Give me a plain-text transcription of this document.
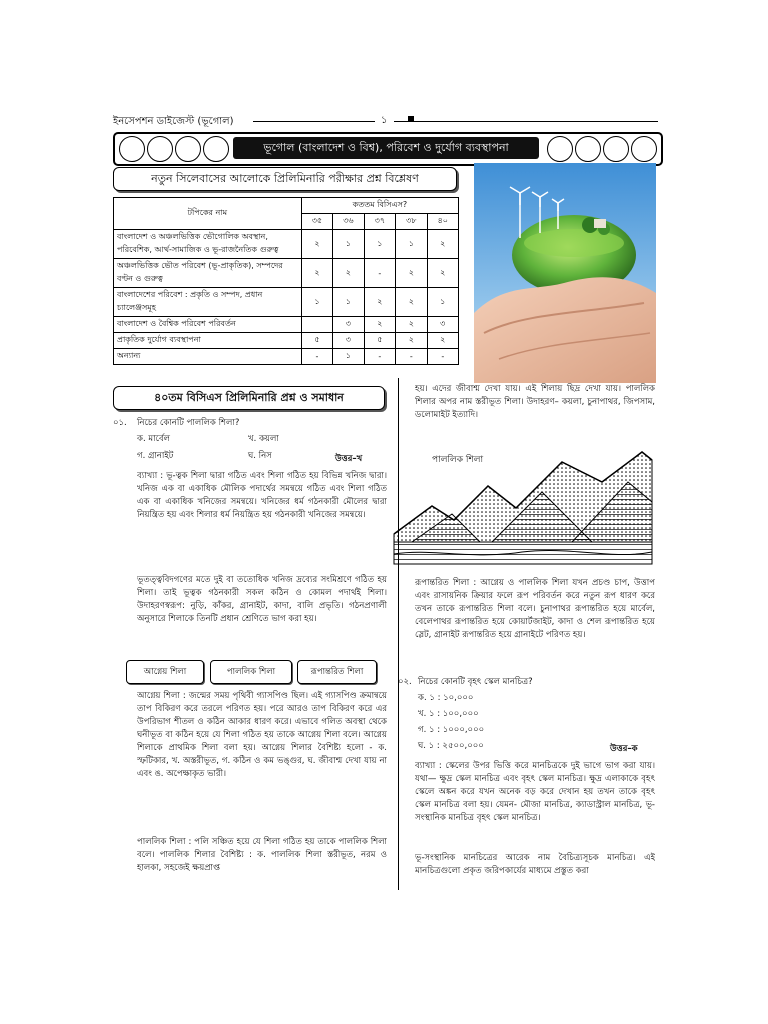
ইনসেপশন ডাইজেস্ট (ভূগোল)	১
ভূগোল (বাংলাদেশ ও বিশ্ব), পরিবেশ ও দুর্যোগ ব্যবস্থাপনা
নতুন সিলেবাসের আলোকে প্রিলিমিনারি পরীক্ষার প্রশ্ন বিশ্লেষণ
টপিকের নাম	কততম বিসিএস?				
	৩৫	৩৬	৩৭	৩৮	৪০
বাংলাদেশ ও অঞ্চলভিত্তিক ভৌগোলিক অবস্থান, পরিবেশিক, আর্থ-সামাজিক ও ভূ-রাজনৈতিক গুরুত্ব	২	১	১	১	২
অঞ্চলভিত্তিক ভৌত পরিবেশ (ভূ-প্রাকৃতিক), সম্পদের বণ্টন ও গুরুত্ব	২	২	-	২	২
বাংলাদেশের পরিবেশ : প্রকৃতি ও সম্পদ, প্রধান চ্যালেঞ্জসমূহ	১	১	২	২	১
বাংলাদেশ ও বৈশ্বিক পরিবেশ পরিবর্তন		৩	২	২	৩
প্রাকৃতিক দুর্যোগ ব্যবস্থাপনা	৫	৩	৫	২	২
অন্যান্য	-	১	-	-	-
৪০তম বিসিএস প্রিলিমিনারি প্রশ্ন ও সমাধান
০১. নিচের কোনটি পাললিক শিলা?
ক. মার্বেল	খ. কয়লা
গ. গ্রানাইট	ঘ. নিস	উত্তর–খ
ব্যাখ্যা : ভূ-ত্বক শিলা দ্বারা গঠিত এবং শিলা গঠিত হয় বিভিন্ন খনিজ দ্বারা। খনিজ এক বা একাধিক মৌলিক পদার্থের সমন্বয়ে গঠিত এবং শিলা গঠিত এক বা একাধিক খনিজের সমন্বয়ে। খনিজের ধর্ম গঠনকারী মৌলের দ্বারা নিয়ন্ত্রিত হয় এবং শিলার ধর্ম নিয়ন্ত্রিত হয় গঠনকারী খনিজের সমন্বয়ে।
ভূতত্ত্ববিদগণের মতে দুই বা ততোধিক খনিজ দ্রব্যের সংমিশ্রণে গঠিত হয় শিলা। তাই ভূত্বক গঠনকারী সকল কঠিন ও কোমল পদার্থই শিলা। উদাহরণস্বরূপ: নুড়ি, কাঁকর, গ্রানাইট, কাদা, বালি প্রভৃতি। গঠনপ্রণালী অনুসারে শিলাকে তিনটি প্রধান শ্রেণিতে ভাগ করা হয়।
আগ্নেয় শিলা	পাললিক শিলা	রূপান্তরিত শিলা
আগ্নেয় শিলা : জন্মের সময় পৃথিবী গ্যাসপিণ্ড ছিল। এই গ্যাসপিণ্ড ক্রমান্বয়ে তাপ বিকিরণ করে তরলে পরিণত হয়। পরে আরও তাপ বিকিরণ করে এর উপরিভাগ শীতল ও কঠিন আকার ধারণ করে। এভাবে গলিত অবস্থা থেকে ঘনীভূত বা কঠিন হয়ে যে শিলা গঠিত হয় তাকে আগ্নেয় শিলা বলে। আগ্নেয় শিলাকে প্রাথমিক শিলা বলা হয়। আগ্নেয় শিলার বৈশিষ্ট্য হলো - ক. স্ফটিকার, খ. অস্তরীভূত, গ. কঠিন ও কম ভঙ্গুর, ঘ. জীবাশ্ম দেখা যায় না এবং ঙ. অপেক্ষাকৃত ভারী।
পাললিক শিলা : পলি সঞ্চিত হয়ে যে শিলা গঠিত হয় তাকে পাললিক শিলা বলে। পাললিক শিলার বৈশিষ্ট্য : ক. পাললিক শিলা স্তরীভূত, নরম ও হালকা, সহজেই ক্ষয়প্রাপ্ত
হয়। এদের জীবাশ্ম দেখা যায়। এই শিলায় ছিদ্র দেখা যায়। পাললিক শিলার অপর নাম স্তরীভূত শিলা। উদাহরণ– কয়লা, চুনাপাথর, জিপসাম, ডলোমাইট ইত্যাদি।
পাললিক শিলা
রূপান্তরিত শিলা : আগ্নেয় ও পাললিক শিলা যখন প্রচণ্ড চাপ, উত্তাপ এবং রাসায়নিক ক্রিয়ার ফলে রূপ পরিবর্তন করে নতুন রূপ ধারণ করে তখন তাকে রূপান্তরিত শিলা বলে। চুনাপাথর রূপান্তরিত হয়ে মার্বেল, বেলেপাথর রূপান্তরিত হয়ে কোয়ার্টজাইট, কাদা ও শেল রূপান্তরিত হয়ে স্লেট, গ্রানাইট রূপান্তরিত হয়ে গ্রানাইটে পরিণত হয়।
০২. নিচের কোনটি বৃহৎ স্কেল মানচিত্র?
ক. ১ : ১০,০০০
খ. ১ : ১০০,০০০
গ. ১ : ১০০০,০০০
ঘ. ১ : ২৫০০,০০০	উত্তর–ক
ব্যাখ্যা : স্কেলের উপর ভিত্তি করে মানচিত্রকে দুই ভাগে ভাগ করা যায়। যথা— ক্ষুদ্র স্কেল মানচিত্র এবং বৃহৎ স্কেল মানচিত্র। ক্ষুদ্র এলাকাকে বৃহৎ স্কেলে অঙ্কন করে যখন অনেক বড় করে দেখান হয় তখন তাকে বৃহৎ স্কেল মানচিত্র বলা হয়। যেমন- মৌজা মানচিত্র, ক্যাডাস্ট্রাল মানচিত্র, ভূ-সংস্থানিক মানচিত্র বৃহৎ স্কেল মানচিত্র।
ভূ-সংস্থানিক মানচিত্রের আরেক নাম বৈচিত্র্যসূচক মানচিত্র। এই মানচিত্রগুলো প্রকৃত জরিপকার্যের মাধ্যমে প্রস্তুত করা
